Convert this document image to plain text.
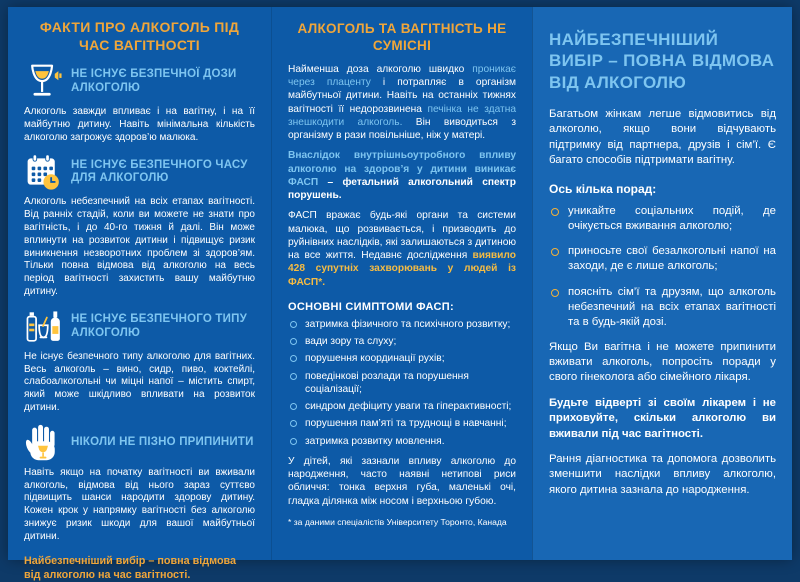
ФАКТИ ПРО АЛКОГОЛЬ ПІД ЧАС ВАГІТНОСТІ
НЕ ІСНУЄ БЕЗПЕЧНОЇ ДОЗИ АЛКОГОЛЮ

Алкоголь завжди впливає і на вагітну, і на її майбутню дитину. Навіть мінімальна кількість алкоголю загрожує здоров’ю малюка.

НЕ ІСНУЄ БЕЗПЕЧНОГО ЧАСУ ДЛЯ АЛКОГОЛЮ

Алкоголь небезпечний на всіх етапах вагітності. Від ранніх стадій, коли ви можете не знати про вагітність, і до 40-го тижня й далі. Він може вплинути на розвиток дитини і підвищує ризик виникнення незворотних проблем зі здоров’ям. Тільки повна відмова від алкоголю на весь період вагітності захистить вашу майбутню дитину.

НЕ ІСНУЄ БЕЗПЕЧНОГО ТИПУ АЛКОГОЛЮ

Не існує безпечного типу алкоголю для вагітних. Весь алкоголь – вино, сидр, пиво, коктейлі, слабоалкогольні чи міцні напої – містить спирт, який може шкідливо впливати на розвиток дитини.

НІКОЛИ НЕ ПІЗНО ПРИПИНИТИ

Навіть якщо на початку вагітності ви вживали алкоголь, відмова від нього зараз суттєво підвищить шанси народити здорову дитину. Кожен крок у напрямку вагітності без алкоголю знижує ризик шкоди для вашої майбутньої дитини.

Найбезпечніший вибір – повна відмова від алкоголю на час вагітності.
АЛКОГОЛЬ ТА ВАГІТНІСТЬ НЕ СУМІСНІ

Найменша доза алкоголю швидко проникає через плаценту і потрапляє в організм майбутньої дитини. Навіть на останніх тижнях вагітності її недорозвинена печінка не здатна знешкодити алкоголь. Він виводиться з організму в рази повільніше, ніж у матері.

Внаслідок внутрішньоутробного впливу алкоголю на здоров’я у дитини виникає ФАСП – фетальний алкогольний спектр порушень.

ФАСП вражає будь-які органи та системи малюка, що розвивається, і призводить до руйнівних наслідків, які залишаються з дитиною на все життя. Недавнє дослідження виявило 428 супутніх захворювань у людей із ФАСП*.

ОСНОВНІ СИМПТОМИ ФАСП:
затримка фізичного та психічного розвитку;
вади зору та слуху;
порушення координації рухів;
поведінкові розлади та порушення соціалізації;
синдром дефіциту уваги та гіперактивності;
порушення пам’яті та труднощі в навчанні;
затримка розвитку мовлення.

У дітей, які зазнали впливу алкоголю до народження, часто наявні нетипові риси обличчя: тонка верхня губа, маленькі очі, гладка ділянка між носом і верхньою губою.

* за даними спеціалістів Університету Торонто, Канада
НАЙБЕЗПЕЧНІШИЙ ВИБІР – ПОВНА ВІДМОВА ВІД АЛКОГОЛЮ

Багатьом жінкам легше відмовитись від алкоголю, якщо вони відчувають підтримку від партнера, друзів і сім’ї. Є багато способів підтримати вагітну.

Ось кілька порад:
уникайте соціальних подій, де очікується вживання алкоголю;
приносьте свої безалкогольні напої на заходи, де є лише алкоголь;
поясніть сім’ї та друзям, що алкоголь небезпечний на всіх етапах вагітності та в будь-якій дозі.

Якщо Ви вагітна і не можете припинити вживати алкоголь, попросіть поради у свого гінеколога або сімейного лікаря.

Будьте відверті зі своїм лікарем і не приховуйте, скільки алкоголю ви вживали під час вагітності.

Рання діагностика та допомога дозволить зменшити наслідки впливу алкоголю, якого дитина зазнала до народження.
